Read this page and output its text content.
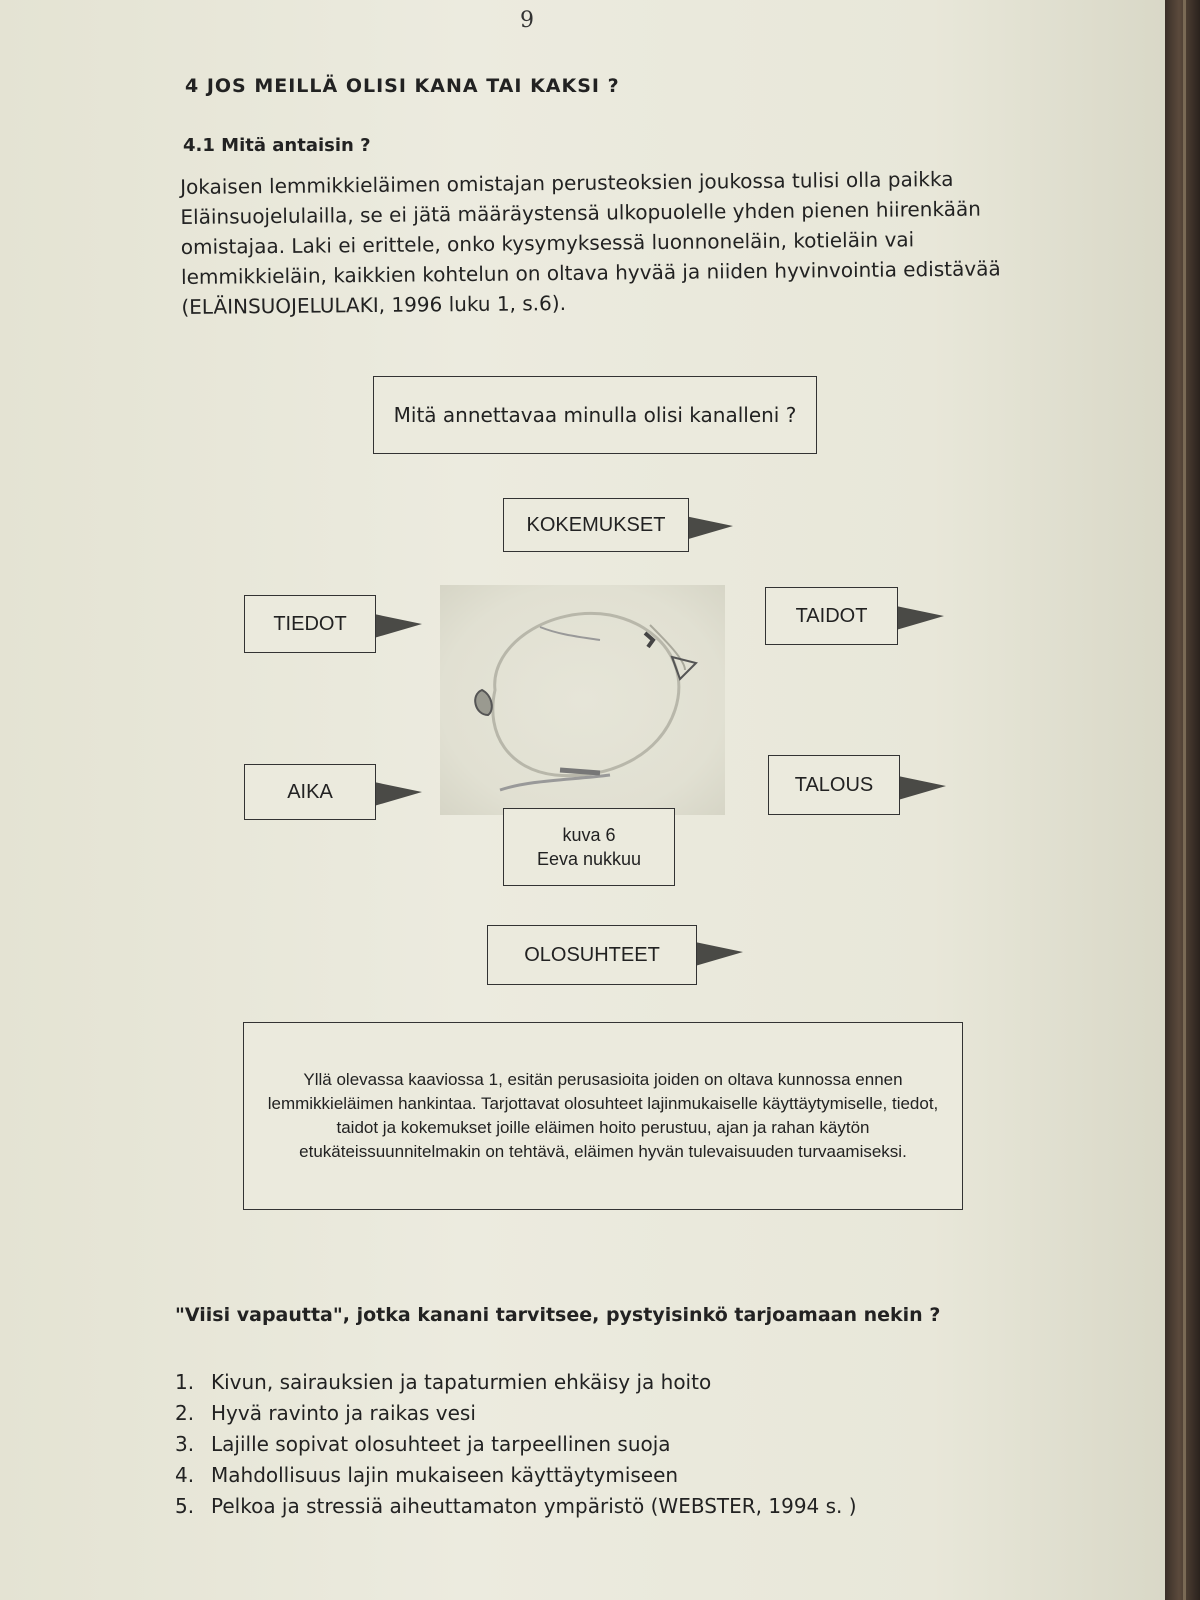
9
4 JOS MEILLÄ OLISI KANA TAI KAKSI ?
4.1 Mitä antaisin ?

Jokaisen lemmikkieläimen omistajan perusteoksien joukossa tulisi olla paikka Eläinsuojelulailla, se ei jätä määräystensä ulkopuolelle yhden pienen hiirenkään omistajaa. Laki ei erittele, onko kysymyksessä luonnoneläin, kotieläin vai lemmikkieläin, kaikkien kohtelun on oltava hyvää ja niiden hyvinvointia edistävää (ELÄINSUOJELULAKI, 1996 luku 1, s.6).

Mitä annettavaa minulla olisi kanalleni ?
KOKEMUKSET
TIEDOT	TAIDOT
AIKA	TALOUS
kuva 6
Eeva nukkuu
OLOSUHTEET
Yllä olevassa kaaviossa 1, esitän perusasioita joiden on oltava kunnossa ennen lemmikkieläimen hankintaa. Tarjottavat olosuhteet lajinmukaiselle käyttäytymiselle, tiedot, taidot ja kokemukset joille eläimen hoito perustuu, ajan ja rahan käytön etukäteissuunnitelmakin on tehtävä, eläimen hyvän tulevaisuuden turvaamiseksi.
"Viisi vapautta", jotka kanani tarvitsee, pystyisinkö tarjoamaan nekin ?
1. Kivun, sairauksien ja tapaturmien ehkäisy ja hoito
2. Hyvä ravinto ja raikas vesi
3. Lajille sopivat olosuhteet ja tarpeellinen suoja
4. Mahdollisuus lajin mukaiseen käyttäytymiseen
5. Pelkoa ja stressiä aiheuttamaton ympäristö (WEBSTER, 1994 s. )
